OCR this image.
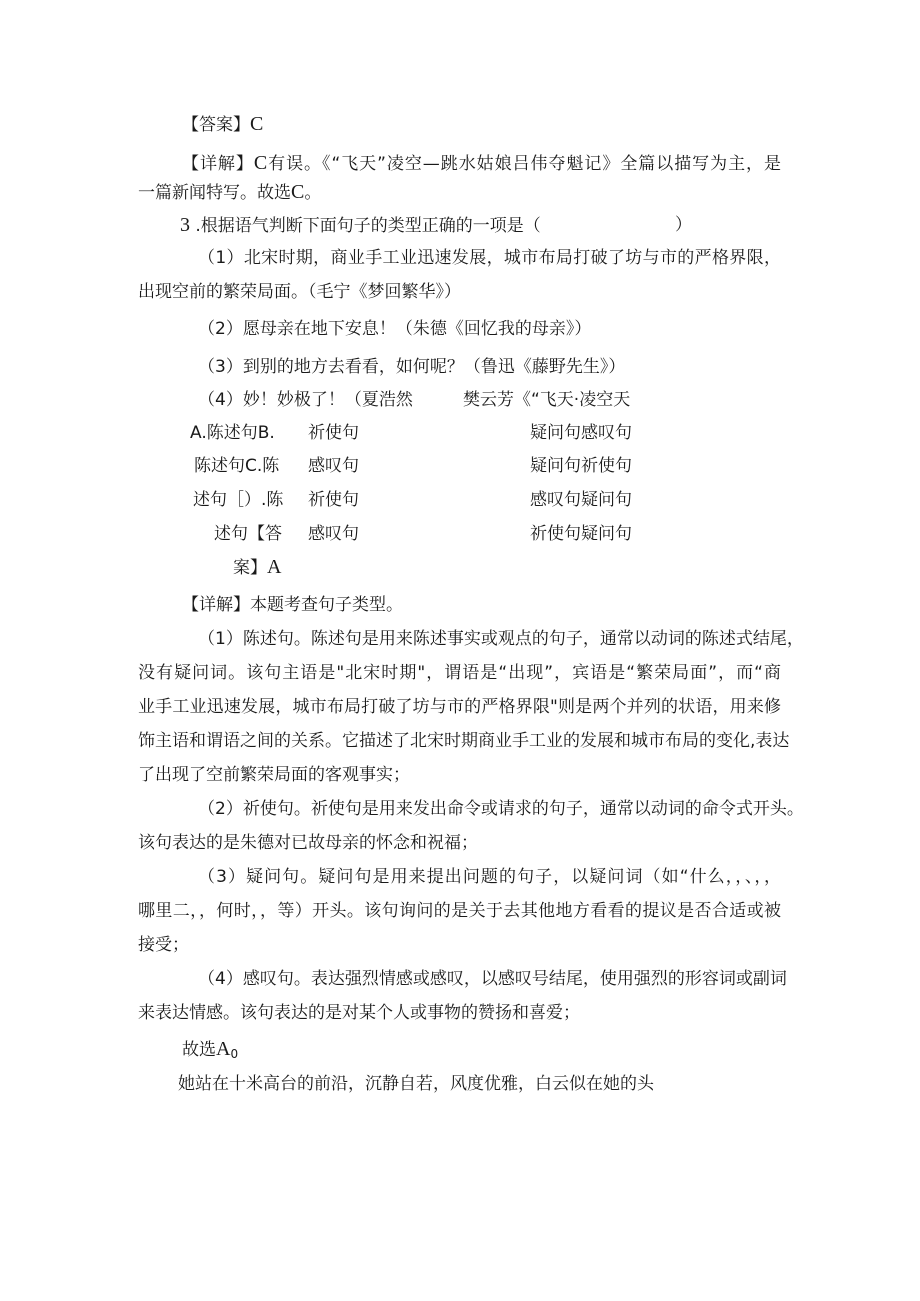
【答案】C
【详解】C有误。《“飞天”凌空—跳水姑娘吕伟夺魁记》全篇以描写为主，是
一篇新闻特写。故选C。
3 .根据语气判断下面句子的类型正确的一项是（	）
（1）北宋时期，商业手工业迅速发展，城市布局打破了坊与市的严格界限，
出现空前的繁荣局面。（毛宁《梦回繁华》）
（2）愿母亲在地下安息！（朱德《回忆我的母亲》）
（3）到别的地方去看看，如何呢？（鲁迅《藤野先生》）
（4）妙！妙极了！（夏浩然	樊云芳《“飞天·凌空天
A.陈述句B. 祈使句	疑问句感叹句
陈述句C.陈 感叹句	疑问句祈使句
述句［）.陈 祈使句	感叹句疑问句
述句【答 感叹句	祈使句疑问句
案】A
【详解】本题考查句子类型。
（1）陈述句。陈述句是用来陈述事实或观点的句子，通常以动词的陈述式结尾，
没有疑问词。该句主语是"北宋时期"，谓语是“出现”，宾语是“繁荣局面”，而“商
业手工业迅速发展，城市布局打破了坊与市的严格界限"则是两个并列的状语，用来修
饰主语和谓语之间的关系。它描述了北宋时期商业手工业的发展和城市布局的变化,表达
了出现了空前繁荣局面的客观事实；
（2）祈使句。祈使句是用来发出命令或请求的句子，通常以动词的命令式开头。
该句表达的是朱德对已故母亲的怀念和祝福；
（3）疑问句。疑问句是用来提出问题的句子，以疑问词（如“什么，，、，，
哪里二，，何时，，等）开头。该句询问的是关于去其他地方看看的提议是否合适或被
接受；
（4）感叹句。表达强烈情感或感叹，以感叹号结尾，使用强烈的形容词或副词
来表达情感。该句表达的是对某个人或事物的赞扬和喜爱；
故选$A_0$
她站在十米高台的前沿，沉静自若，风度优雅，白云似在她的头
